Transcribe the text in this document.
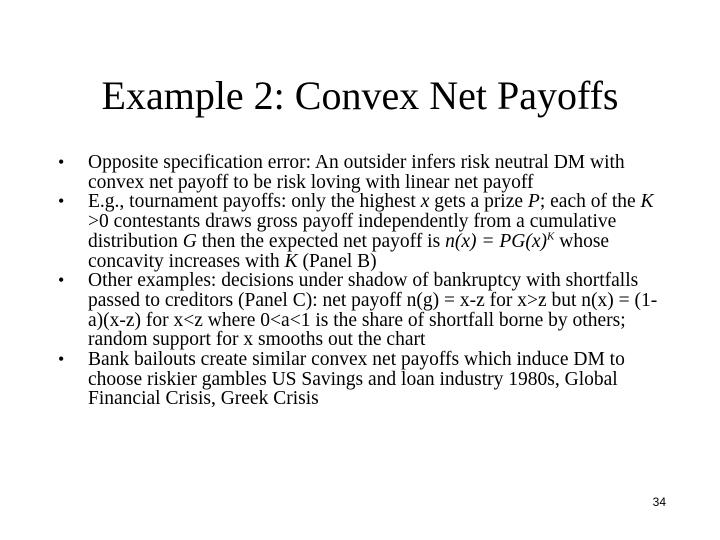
Example 2: Convex Net Payoffs
•	Opposite specification error: An outsider infers risk neutral DM with convex net payoff to be risk loving with linear net payoff
•	E.g., tournament payoffs: only the highest x gets a prize P; each of the K >0 contestants draws gross payoff independently from a cumulative distribution G then the expected net payoff is $n(x) = PG(x)^K$ whose concavity increases with K (Panel B)
•	Other examples: decisions under shadow of bankruptcy with shortfalls passed to creditors (Panel C): net payoff n(g) = x-z for x>z but n(x) = (1-a)(x-z) for x<z where 0<a<1 is the share of shortfall borne by others; random support for x smooths out the chart
•	Bank bailouts create similar convex net payoffs which induce DM to choose riskier gambles US Savings and loan industry 1980s, Global Financial Crisis, Greek Crisis
34
